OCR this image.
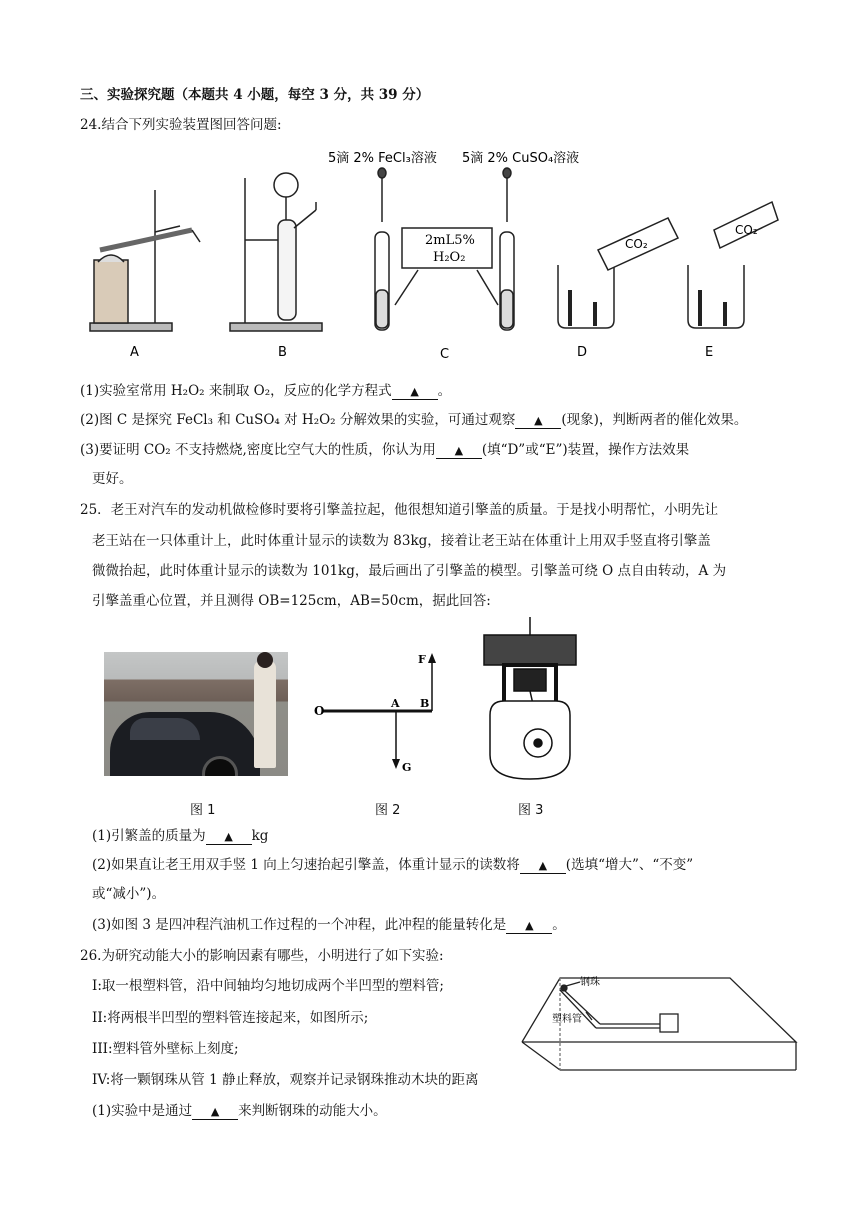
三、实验探究题（本题共 4 小题，每空 3 分，共 39 分）
24.结合下列实验装置图回答问题:
5滴 2% FeCl₃溶液 5滴 2% CuSO₄溶液
2mL5%
H₂O₂
CO₂
CO₂
A	B	C	D	E
(1)实验室常用 H₂O₂ 来制取 O₂，反应的化学方程式 ▲ 。
(2)图 C 是探究 FeCl₃ 和 CuSO₄ 对 H₂O₂ 分解效果的实验，可通过观察 ▲ (现象)，判断两者的催化效果。
(3)要证明 CO₂ 不支持燃烧,密度比空气大的性质，你认为用 ▲ (填“D”或“E”)装置，操作方法效果
更好。
25．老王对汽车的发动机做检修时要将引擎盖拉起，他很想知道引擎盖的质量。于是找小明帮忙，小明先让
老王站在一只体重计上，此时体重计显示的读数为 83kg，接着让老王站在体重计上用双手竖直将引擎盖
微微抬起，此时体重计显示的读数为 101kg，最后画出了引擎盖的模型。引擎盖可绕 O 点自由转动，A 为
引擎盖重心位置，并且测得 OB=125cm，AB=50cm，据此回答:
O
A B
F
G
图 1	图 2	图 3
(1)引繁盖的质量为 ▲ kg
(2)如果直让老王用双手竖 1 向上匀速抬起引擎盖，体重计显示的读数将 ▲ (选填“增大”、“不变”
或“减小”)。
(3)如图 3 是四冲程汽油机工作过程的一个冲程，此冲程的能量转化是 ▲ 。
26.为研究动能大小的影响因素有哪些，小明进行了如下实验:
I:取一根塑料管，沿中间轴均匀地切成两个半凹型的塑料管;
II:将两根半凹型的塑料管连接起来，如图所示;
III:塑料管外壁标上刻度;
IV:将一颗钢珠从管 1 静止释放，观察并记录钢珠推动木块的距离
(1)实验中是通过 ▲ 来判断钢珠的动能大小。
钢珠
塑料管
